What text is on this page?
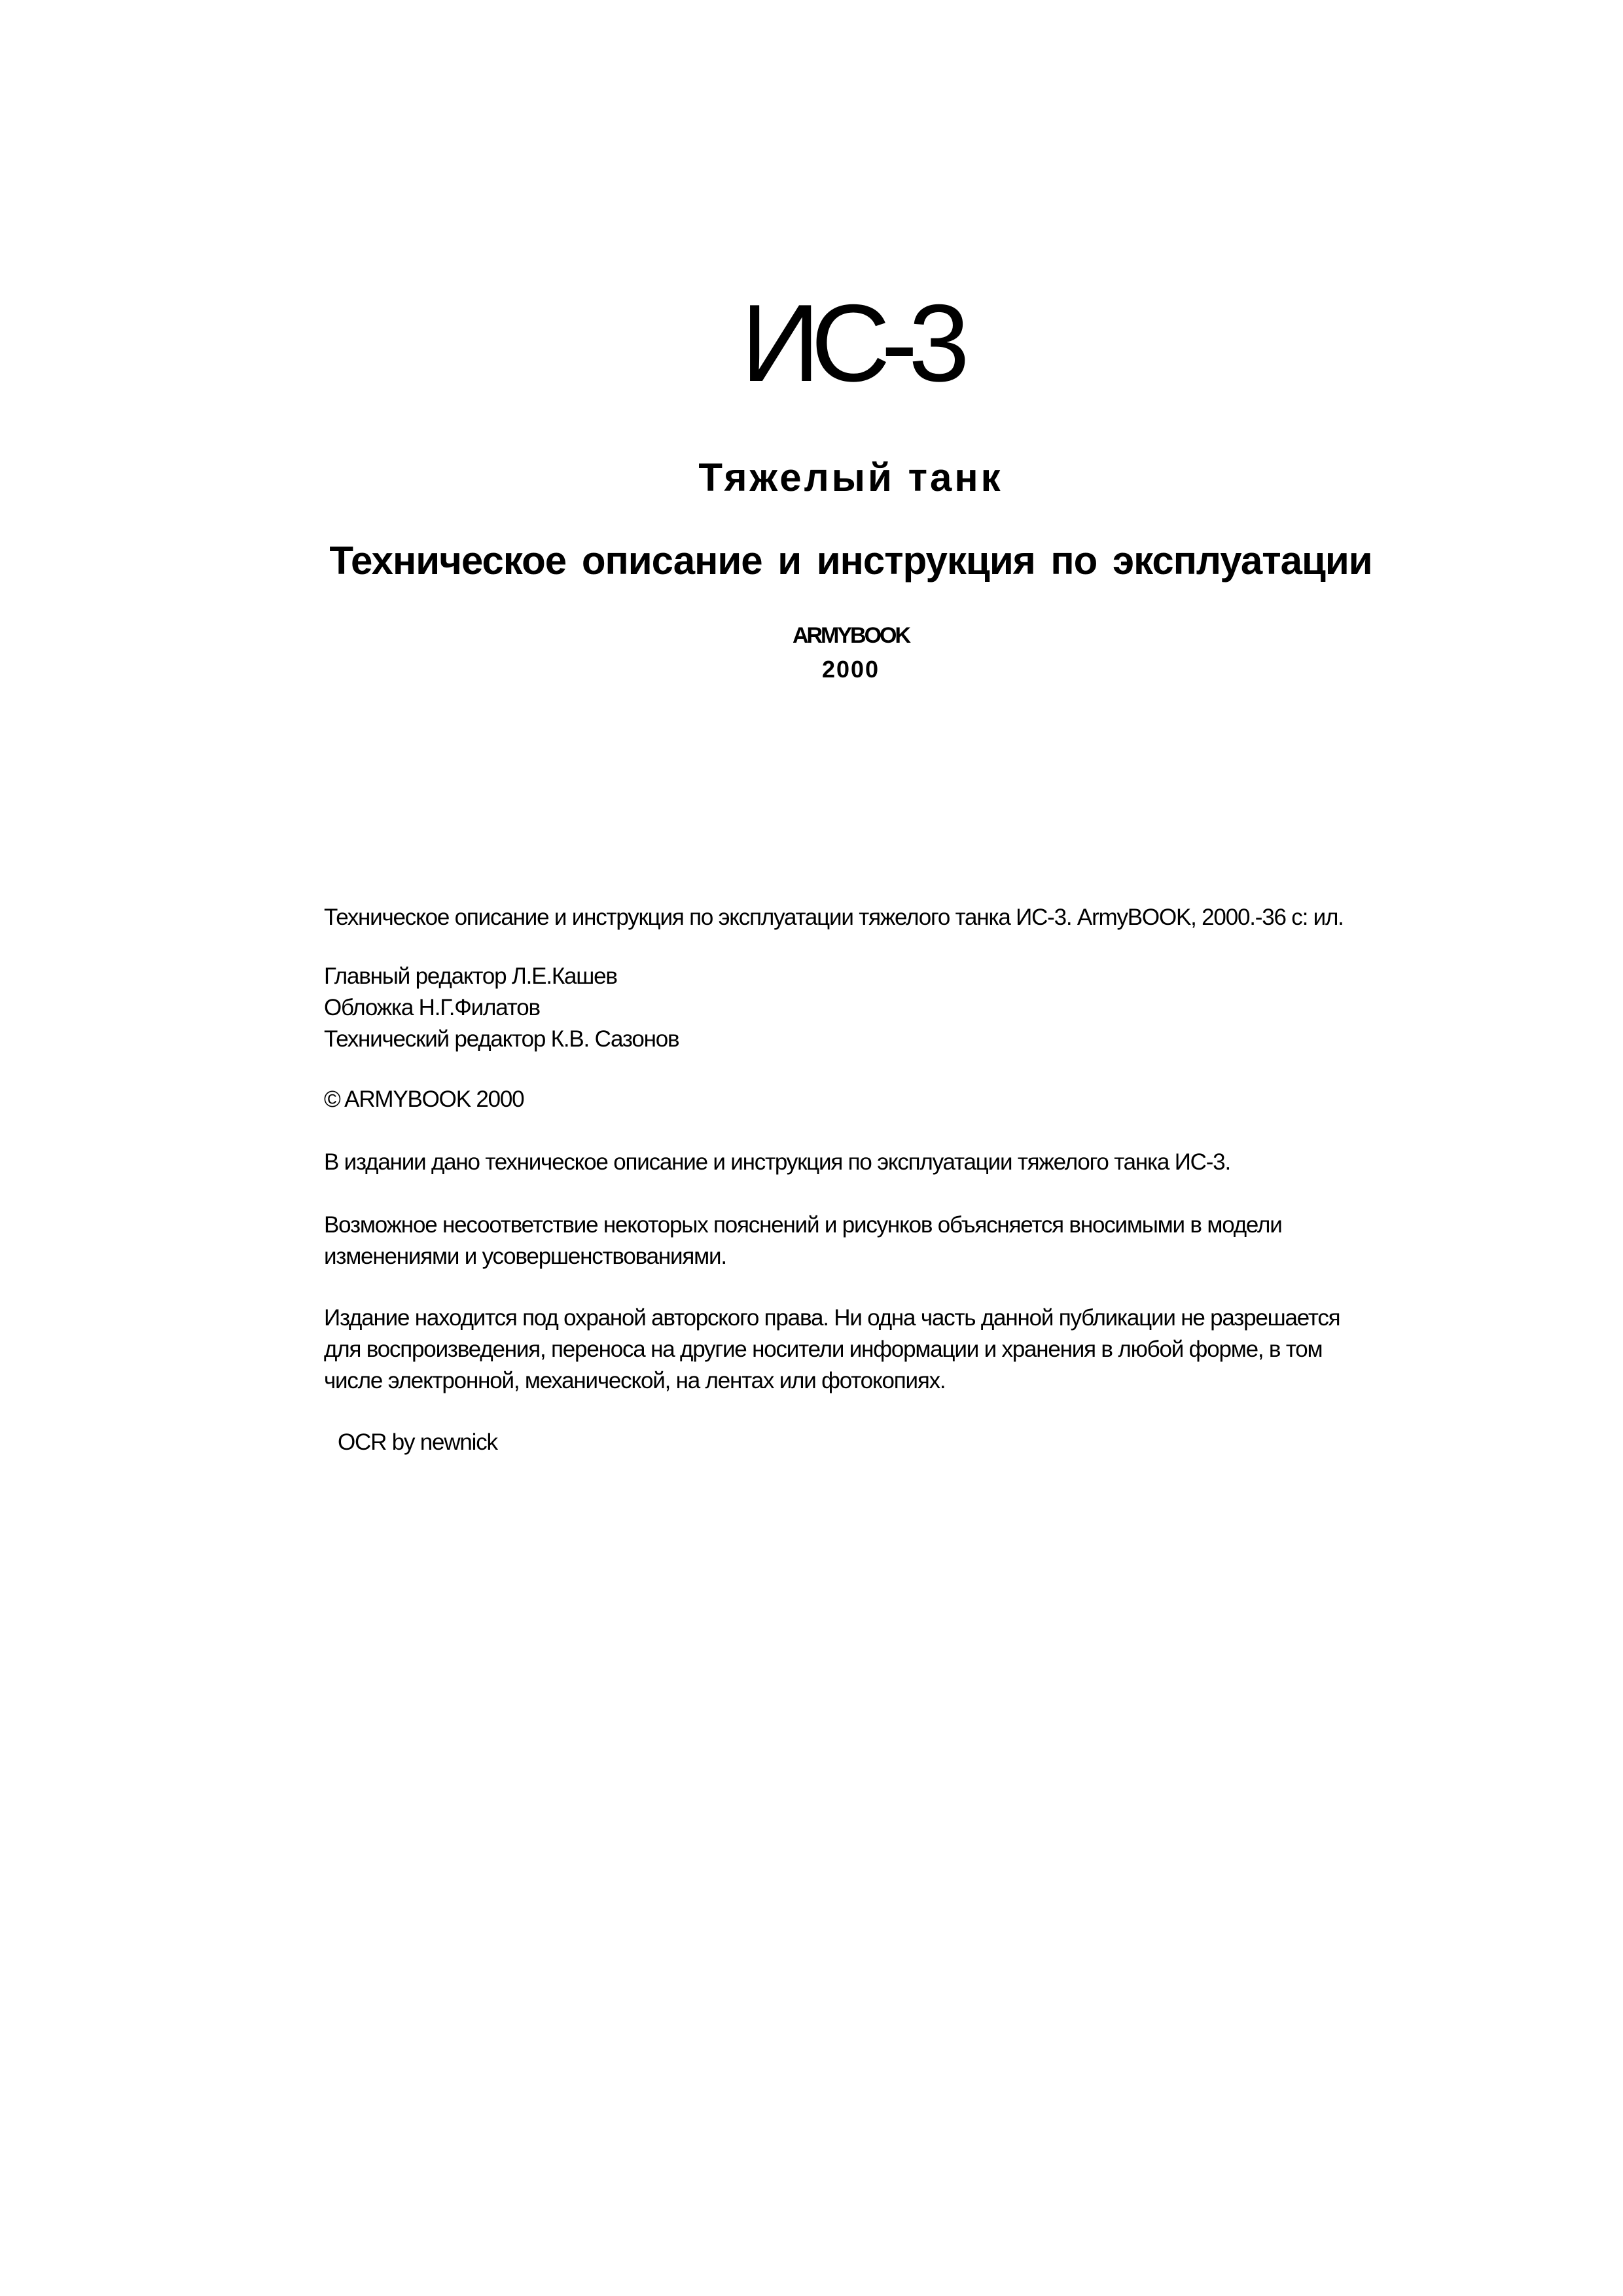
ИС-3
Тяжелый танк
Техническое описание и инструкция по эксплуатации
ARMYBOOK
2000

Техническое описание и инструкция по эксплуатации тяжелого танка ИС-3. ArmyBOOK, 2000.-36 с: ил.

Главный редактор Л.Е.Кашев

Обложка Н.Г.Филатов

Технический редактор К.В. Сазонов

© ARMYBOOK 2000

В издании дано техническое описание и инструкция по эксплуатации тяжелого танка ИС-3.

Возможное несоответствие некоторых пояснений и рисунков объясняется вносимыми в модели

изменениями и усовершенствованиями.

Издание находится под охраной авторского права. Ни одна часть данной публикации не разрешается

для воспроизведения, переноса на другие носители информации и хранения в любой форме, в том

числе электронной, механической, на лентах или фотокопиях.

OCR by newnick
